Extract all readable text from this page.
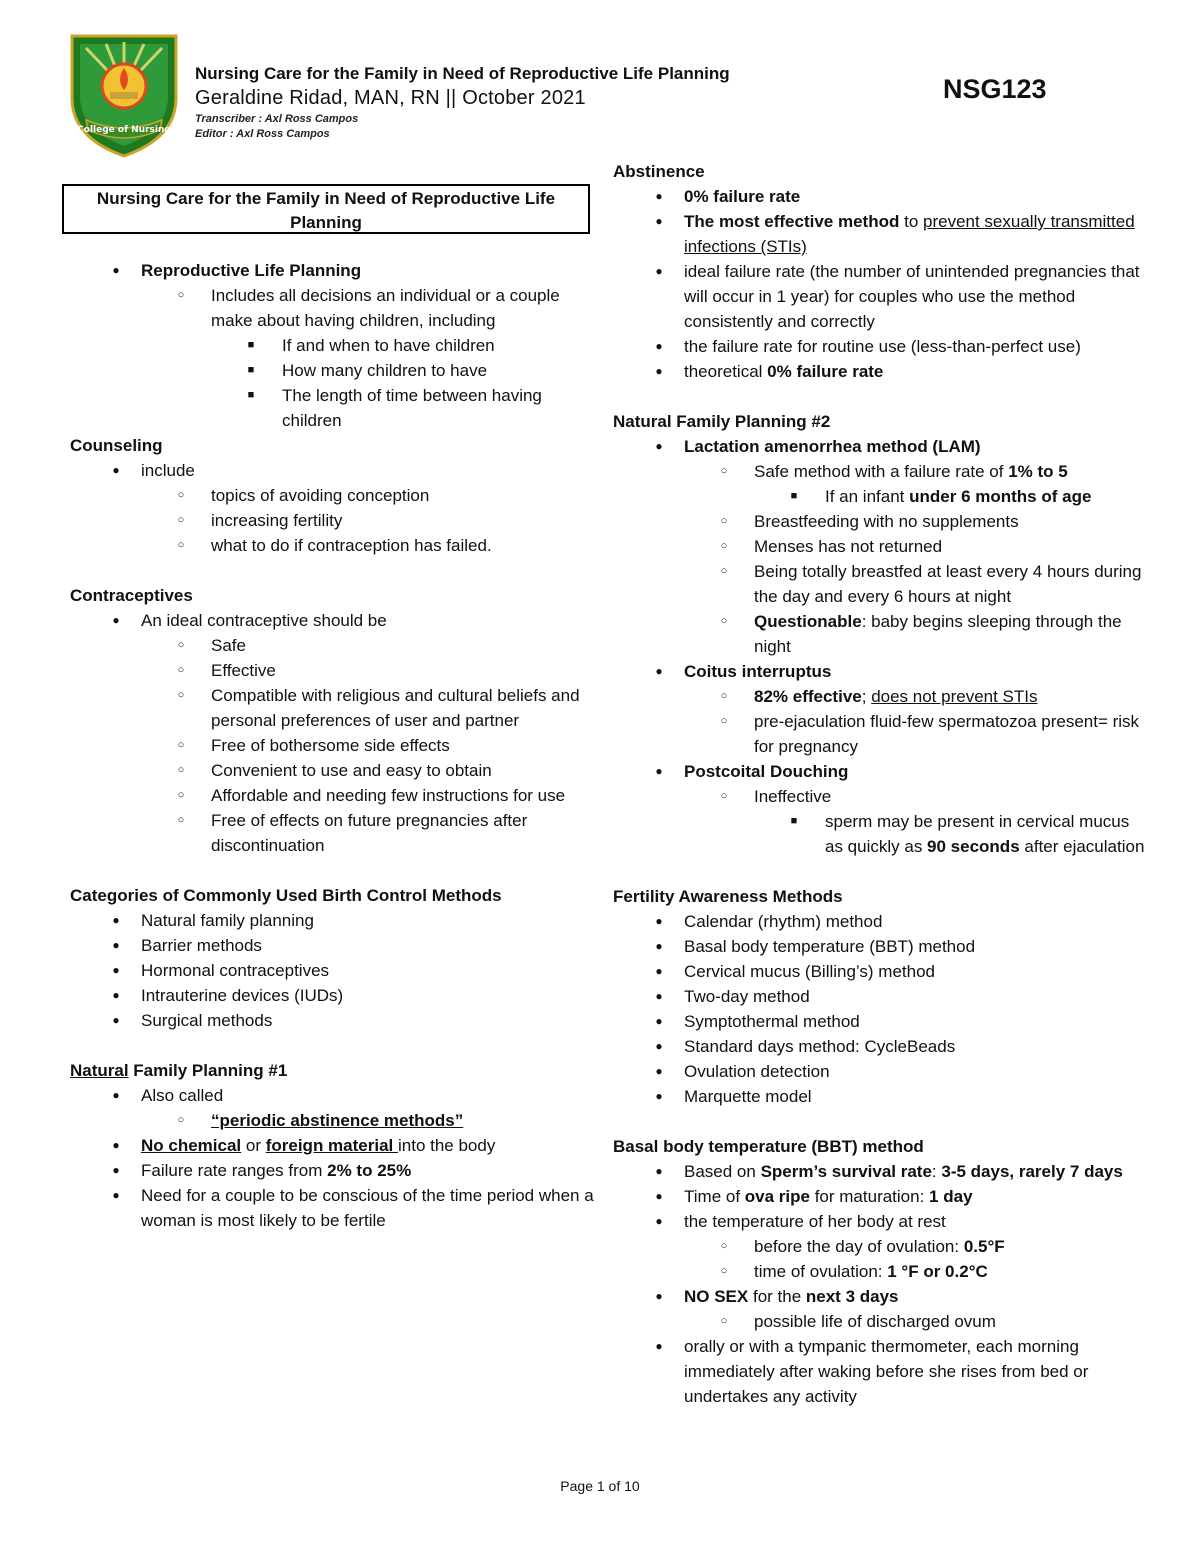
College of Nursing
Nursing Care for the Family in Need of Reproductive Life Planning
Geraldine Ridad, MAN, RN || October 2021
Transcriber : Axl Ross Campos
Editor : Axl Ross Campos
NSG123
Nursing Care for the Family in Need of Reproductive Life Planning
● Reproductive Life Planning
○ Includes all decisions an individual or a couple make about having children, including
■ If and when to have children
■ How many children to have
■ The length of time between having children
Counseling
● include
○ topics of avoiding conception
○ increasing fertility
○ what to do if contraception has failed.
Contraceptives
● An ideal contraceptive should be
○ Safe
○ Effective
○ Compatible with religious and cultural beliefs and personal preferences of user and partner
○ Free of bothersome side effects
○ Convenient to use and easy to obtain
○ Affordable and needing few instructions for use
○ Free of effects on future pregnancies after discontinuation
Categories of Commonly Used Birth Control Methods
● Natural family planning
● Barrier methods
● Hormonal contraceptives
● Intrauterine devices (IUDs)
● Surgical methods
Natural Family Planning #1
● Also called
○ “periodic abstinence methods”
● No chemical or foreign material into the body
● Failure rate ranges from 2% to 25%
● Need for a couple to be conscious of the time period when a woman is most likely to be fertile
Abstinence
● 0% failure rate
● The most effective method to prevent sexually transmitted infections (STIs)
● ideal failure rate (the number of unintended pregnancies that will occur in 1 year) for couples who use the method consistently and correctly
● the failure rate for routine use (less-than-perfect use)
● theoretical 0% failure rate
Natural Family Planning #2
● Lactation amenorrhea method (LAM)
○ Safe method with a failure rate of 1% to 5
■ If an infant under 6 months of age
○ Breastfeeding with no supplements
○ Menses has not returned
○ Being totally breastfed at least every 4 hours during the day and every 6 hours at night
○ Questionable: baby begins sleeping through the night
● Coitus interruptus
○ 82% effective; does not prevent STIs
○ pre-ejaculation fluid-few spermatozoa present= risk for pregnancy
● Postcoital Douching
○ Ineffective
■ sperm may be present in cervical mucus as quickly as 90 seconds after ejaculation
Fertility Awareness Methods
● Calendar (rhythm) method
● Basal body temperature (BBT) method
● Cervical mucus (Billing’s) method
● Two-day method
● Symptothermal method
● Standard days method: CycleBeads
● Ovulation detection
● Marquette model
Basal body temperature (BBT) method
● Based on Sperm’s survival rate: 3-5 days, rarely 7 days
● Time of ova ripe for maturation: 1 day
● the temperature of her body at rest
○ before the day of ovulation: 0.5°F
○ time of ovulation: 1 °F or 0.2°C
● NO SEX for the next 3 days
○ possible life of discharged ovum
● orally or with a tympanic thermometer, each morning immediately after waking before she rises from bed or undertakes any activity
Page 1 of 10
